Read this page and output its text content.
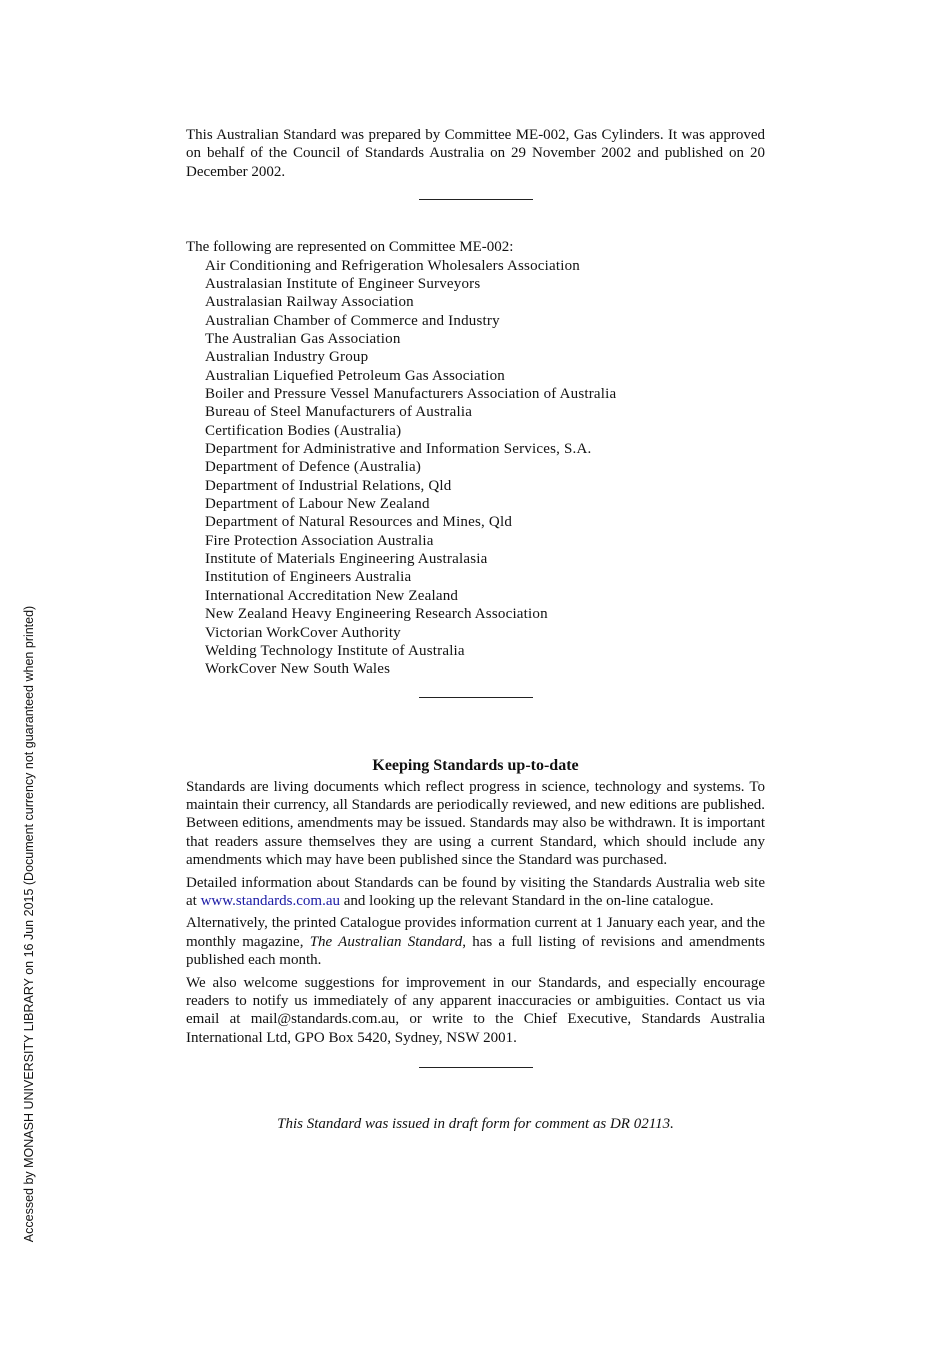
This Australian Standard was prepared by Committee ME-002, Gas Cylinders. It was approved on behalf of the Council of Standards Australia on 29 November 2002 and published on 20 December 2002.

The following are represented on Committee ME-002:
Air Conditioning and Refrigeration Wholesalers Association
Australasian Institute of Engineer Surveyors
Australasian Railway Association
Australian Chamber of Commerce and Industry
The Australian Gas Association
Australian Industry Group
Australian Liquefied Petroleum Gas Association
Boiler and Pressure Vessel Manufacturers Association of Australia
Bureau of Steel Manufacturers of Australia
Certification Bodies (Australia)
Department for Administrative and Information Services, S.A.
Department of Defence (Australia)
Department of Industrial Relations, Qld
Department of Labour New Zealand
Department of Natural Resources and Mines, Qld
Fire Protection Association Australia
Institute of Materials Engineering Australasia
Institution of Engineers Australia
International Accreditation New Zealand
New Zealand Heavy Engineering Research Association
Victorian WorkCover Authority
Welding Technology Institute of Australia
WorkCover New South Wales
Keeping Standards up-to-date

Standards are living documents which reflect progress in science, technology and systems. To maintain their currency, all Standards are periodically reviewed, and new editions are published. Between editions, amendments may be issued. Standards may also be withdrawn. It is important that readers assure themselves they are using a current Standard, which should include any amendments which may have been published since the Standard was purchased.

Detailed information about Standards can be found by visiting the Standards Australia web site at www.standards.com.au and looking up the relevant Standard in the on-line catalogue.

Alternatively, the printed Catalogue provides information current at 1 January each year, and the monthly magazine, The Australian Standard, has a full listing of revisions and amendments published each month.

We also welcome suggestions for improvement in our Standards, and especially encourage readers to notify us immediately of any apparent inaccuracies or ambiguities. Contact us via email at mail@standards.com.au, or write to the Chief Executive, Standards Australia International Ltd, GPO Box 5420, Sydney, NSW 2001.

This Standard was issued in draft form for comment as DR 02113.
Accessed by MONASH UNIVERSITY LIBRARY on 16 Jun 2015 (Document currency not guaranteed when printed)
